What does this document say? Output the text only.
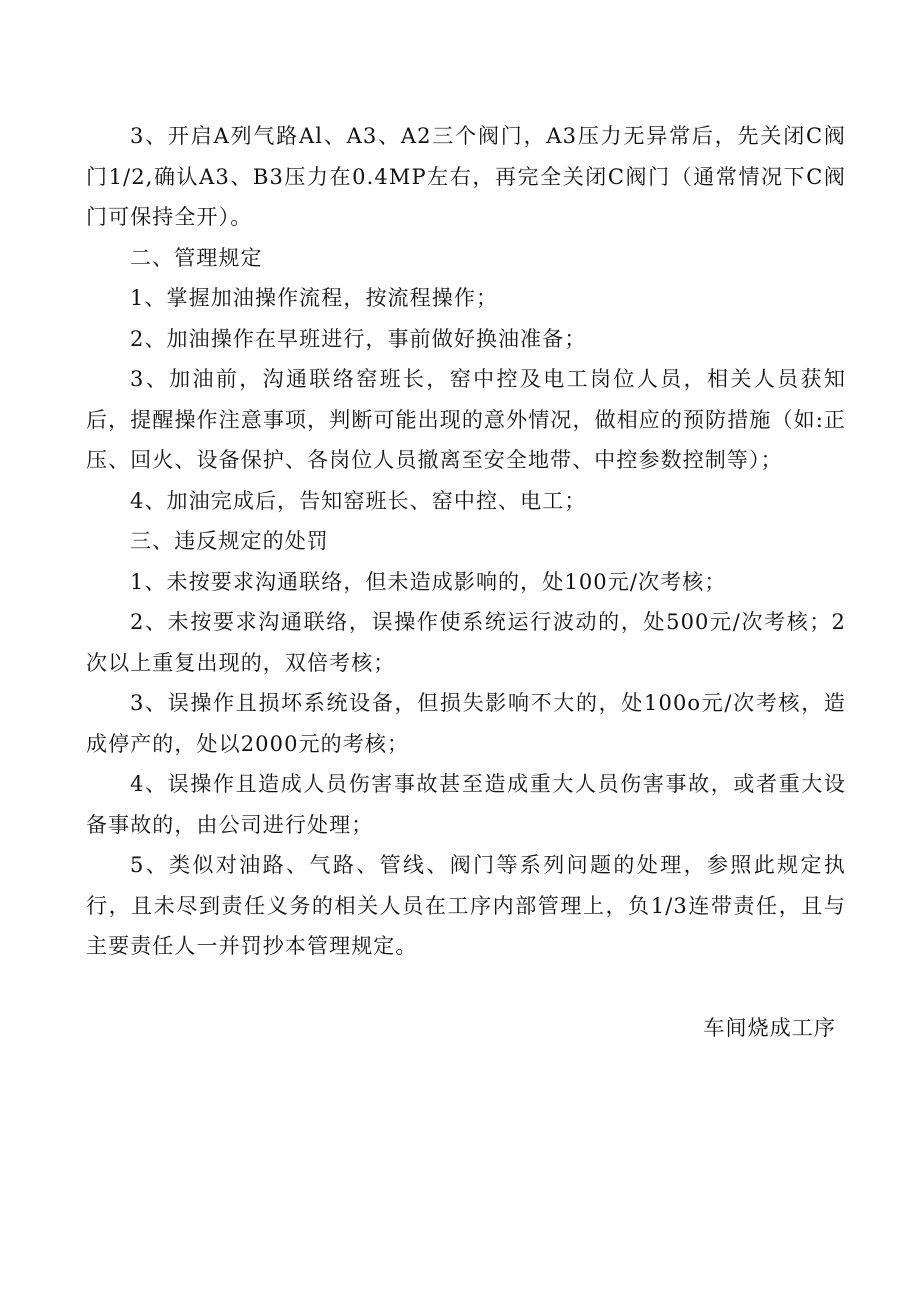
3、开启A列气路Al、A3、A2三个阀门，A3压力无异常后，先关闭C阀门1/2,确认A3、B3压力在0.4MP左右，再完全关闭C阀门（通常情况下C阀门可保持全开）。

二、管理规定

1、掌握加油操作流程，按流程操作；

2、加油操作在早班进行，事前做好换油准备；

3、加油前，沟通联络窑班长，窑中控及电工岗位人员，相关人员获知后，提醒操作注意事项，判断可能出现的意外情况，做相应的预防措施（如:正压、回火、设备保护、各岗位人员撤离至安全地带、中控参数控制等）；

4、加油完成后，告知窑班长、窑中控、电工；

三、违反规定的处罚

1、未按要求沟通联络，但未造成影响的，处100元/次考核；

2、未按要求沟通联络，误操作使系统运行波动的，处500元/次考核；2次以上重复出现的，双倍考核；

3、误操作且损坏系统设备，但损失影响不大的，处100o元/次考核，造成停产的，处以2000元的考核；

4、误操作且造成人员伤害事故甚至造成重大人员伤害事故，或者重大设备事故的，由公司进行处理；

5、类似对油路、气路、管线、阀门等系列问题的处理，参照此规定执行，且未尽到责任义务的相关人员在工序内部管理上，负1/3连带责任，且与主要责任人一并罚抄本管理规定。

车间烧成工序
